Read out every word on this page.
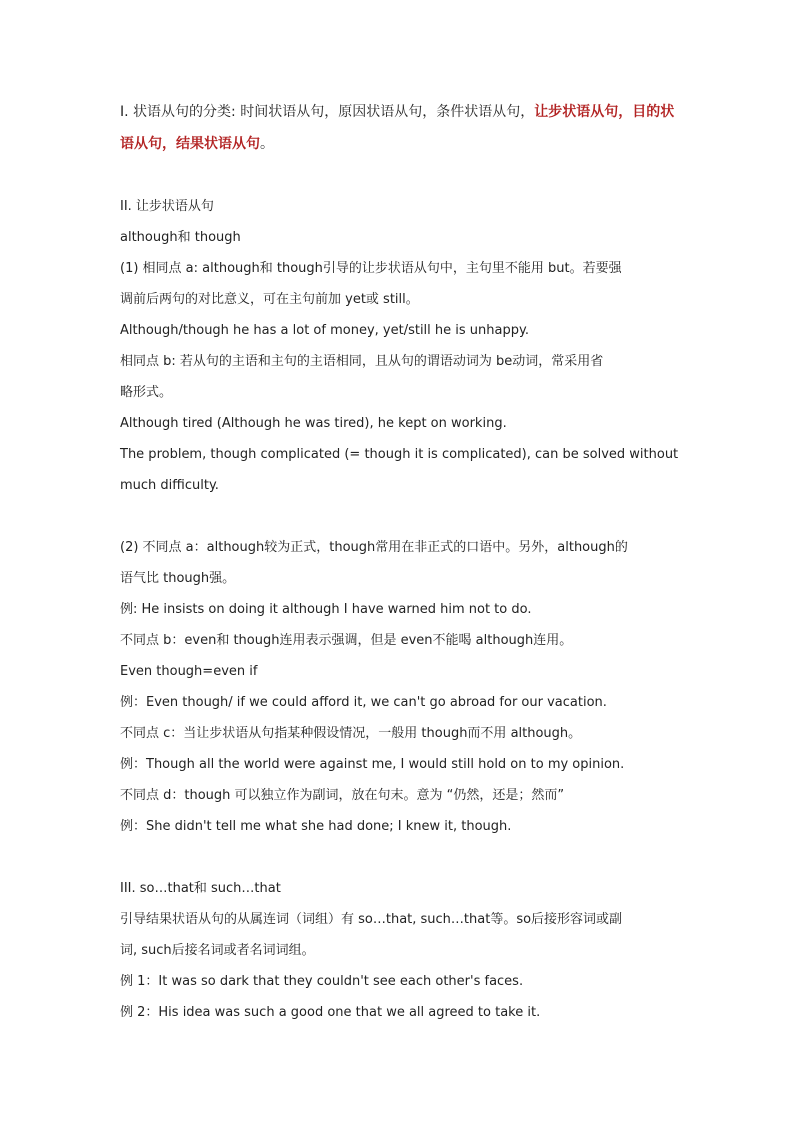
I. 状语从句的分类: 时间状语从句，原因状语从句，条件状语从句，让步状语从句，目的状
语从句，结果状语从句。
II. 让步状语从句
although和 though
(1) 相同点 a: although和 though引导的让步状语从句中，主句里不能用 but。若要强
调前后两句的对比意义，可在主句前加 yet或 still。
Although/though he has a lot of money, yet/still he is unhappy.
相同点 b: 若从句的主语和主句的主语相同，且从句的谓语动词为 be动词，常采用省
略形式。
Although tired (Although he was tired), he kept on working.
The problem, though complicated (= though it is complicated), can be solved without
much difficulty.
(2) 不同点 a：although较为正式，though常用在非正式的口语中。另外，although的
语气比 though强。
例: He insists on doing it although I have warned him not to do.
不同点 b：even和 though连用表示强调，但是 even不能喝 although连用。
Even though=even if
例：Even though/ if we could afford it, we can't go abroad for our vacation.
不同点 c：当让步状语从句指某种假设情况，一般用 though而不用 although。
例：Though all the world were against me, I would still hold on to my opinion.
不同点 d：though 可以独立作为副词，放在句末。意为 “仍然，还是；然而”
例：She didn't tell me what she had done; I knew it, though.
III. so…that和 such…that
引导结果状语从句的从属连词（词组）有 so…that, such…that等。so后接形容词或副
词, such后接名词或者名词词组。
例 1：It was so dark that they couldn't see each other's faces.
例 2：His idea was such a good one that we all agreed to take it.
